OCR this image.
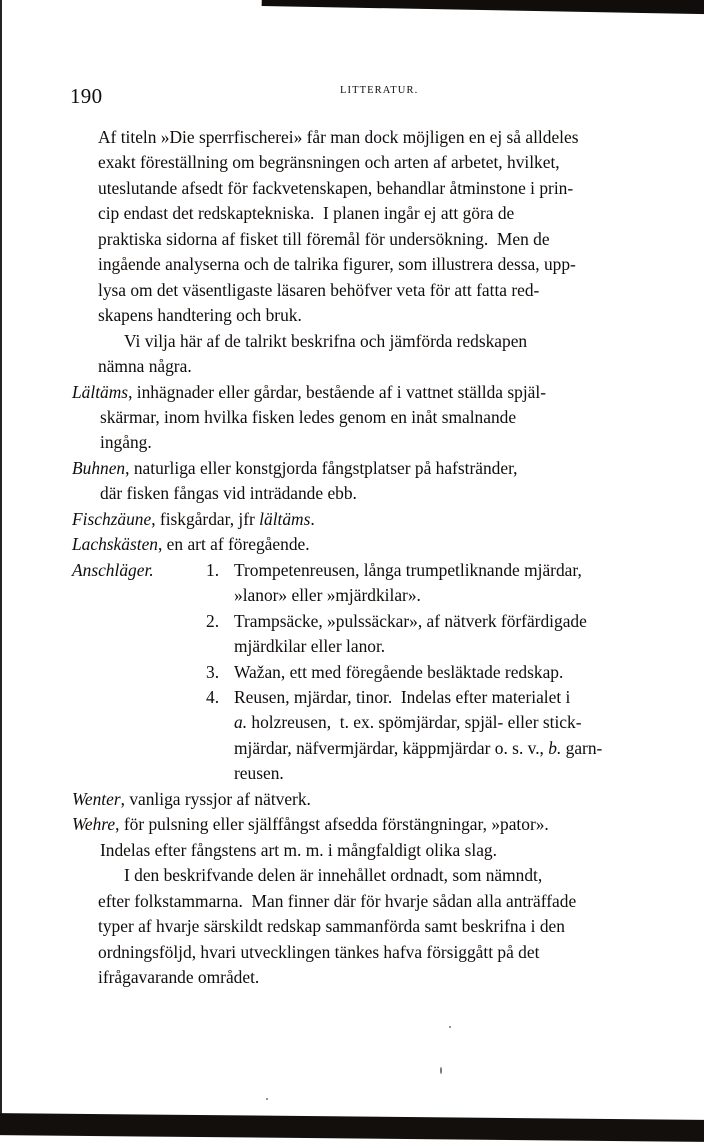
190	LITTERATUR.

Af titeln »Die sperrfischerei» får man dock möjligen en ej så alldeles
exakt föreställning om begränsningen och arten af arbetet, hvilket,
uteslutande afsedt för fackvetenskapen, behandlar åtminstone i prin-
cip endast det redskaptekniska.  I planen ingår ej att göra de
praktiska sidorna af fisket till föremål för undersökning.  Men de
ingående analyserna och de talrika figurer, som illustrera dessa, upp-
lysa om det väsentligaste läsaren behöfver veta för att fatta red-
skapens handtering och bruk.

Vi vilja här af de talrikt beskrifna och jämförda redskapen
nämna några.

Lältäms, inhägnader eller gårdar, bestående af i vattnet ställda spjäl-
skärmar, inom hvilka fisken ledes genom en inåt smalnande
ingång.

Buhnen, naturliga eller konstgjorda fångstplatser på hafstränder,
där fisken fångas vid inträdande ebb.

Fischzäune, fiskgårdar, jfr lältäms.

Lachskästen, en art af föregående.

Anschläger.	1. Trompetenreusen, långa trumpetliknande mjärdar,
»lanor» eller »mjärdkilar».
2. Trampsäcke, »pulssäckar», af nätverk förfärdigade
mjärdkilar eller lanor.
3. Wažan, ett med föregående besläktade redskap.
4. Reusen, mjärdar, tinor.  Indelas efter materialet i
a. holzreusen,  t. ex. spömjärdar, spjäl- eller stick-
mjärdar, näfvermjärdar, käppmjärdar o. s. v., b. garn-
reusen.

Wenter, vanliga ryssjor af nätverk.

Wehre, för pulsning eller själffångst afsedda förstängningar, »pator».
Indelas efter fångstens art m. m. i mångfaldigt olika slag.

I den beskrifvande delen är innehållet ordnadt, som nämndt,
efter folkstammarna.  Man finner där för hvarje sådan alla anträffade
typer af hvarje särskildt redskap sammanförda samt beskrifna i den
ordningsföljd, hvari utvecklingen tänkes hafva försiggått på det
ifrågavarande området.
